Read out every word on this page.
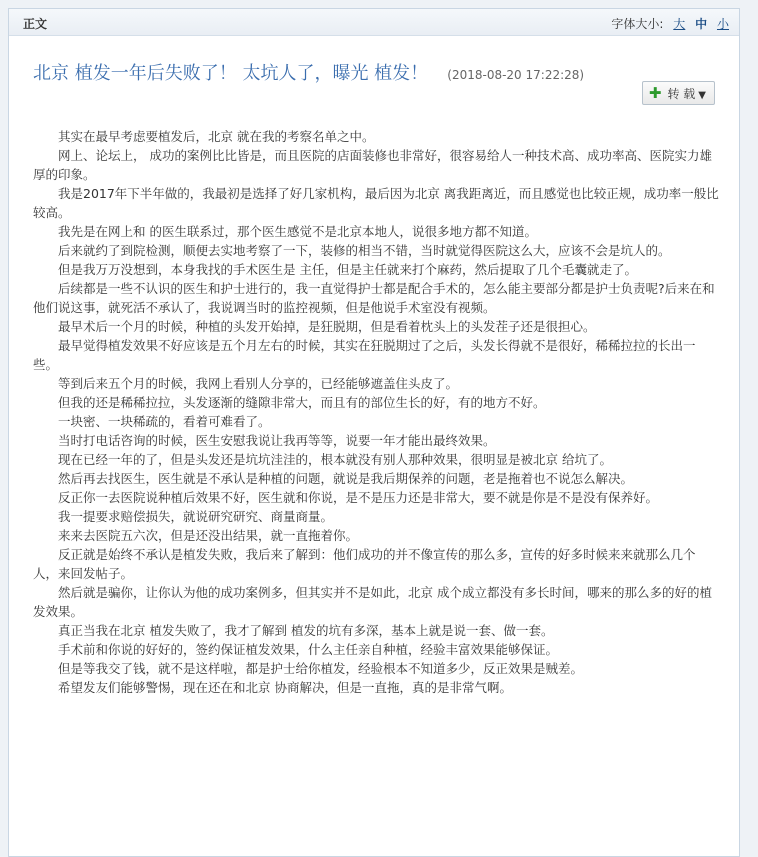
正文	字体大小: 大 中 小
北京 植发一年后失败了！ 太坑人了，曝光 植发！ (2018-08-20 17:22:28)
✚ 转 载 ▼

其实在最早考虑要植发后，北京 就在我的考察名单之中。

网上、论坛上， 成功的案例比比皆是，而且医院的店面装修也非常好，很容易给人一种技术高、成功率高、医院实力雄厚的印象。

我是2017年下半年做的，我最初是选择了好几家机构，最后因为北京 离我距离近，而且感觉也比较正规，成功率一般比较高。

我先是在网上和 的医生联系过，那个医生感觉不是北京本地人，说很多地方都不知道。

后来就约了到院检测，顺便去实地考察了一下，装修的相当不错，当时就觉得医院这么大，应该不会是坑人的。

但是我万万没想到，本身我找的手术医生是 主任，但是主任就来打个麻药，然后提取了几个毛囊就走了。

后续都是一些不认识的医生和护士进行的，我一直觉得护士都是配合手术的，怎么能主要部分都是护士负责呢?后来在和他们说这事，就死活不承认了，我说调当时的监控视频，但是他说手术室没有视频。

最早术后一个月的时候，种植的头发开始掉，是狂脱期，但是看着枕头上的头发茬子还是很担心。

最早觉得植发效果不好应该是五个月左右的时候，其实在狂脱期过了之后，头发长得就不是很好，稀稀拉拉的长出一些。

等到后来五个月的时候，我网上看别人分享的，已经能够遮盖住头皮了。

但我的还是稀稀拉拉，头发逐渐的缝隙非常大，而且有的部位生长的好，有的地方不好。

一块密、一块稀疏的，看着可难看了。

当时打电话咨询的时候，医生安慰我说让我再等等，说要一年才能出最终效果。

现在已经一年的了，但是头发还是坑坑洼洼的，根本就没有别人那种效果，很明显是被北京 给坑了。

然后再去找医生，医生就是不承认是种植的问题，就说是我后期保养的问题，老是拖着也不说怎么解决。

反正你一去医院说种植后效果不好，医生就和你说，是不是压力还是非常大，要不就是你是不是没有保养好。

我一提要求赔偿损失，就说研究研究、商量商量。

来来去医院五六次，但是还没出结果，就一直拖着你。

反正就是始终不承认是植发失败，我后来了解到：他们成功的并不像宣传的那么多，宣传的好多时候来来就那么几个人，来回发帖子。

然后就是骗你，让你认为他的成功案例多，但其实并不是如此，北京 成个成立都没有多长时间，哪来的那么多的好的植发效果。

真正当我在北京 植发失败了，我才了解到 植发的坑有多深，基本上就是说一套、做一套。

手术前和你说的好好的，签约保证植发效果，什么主任亲自种植，经验丰富效果能够保证。

但是等我交了钱，就不是这样啦，都是护士给你植发，经验根本不知道多少，反正效果是贼差。

希望发友们能够警惕，现在还在和北京 协商解决，但是一直拖，真的是非常气啊。
